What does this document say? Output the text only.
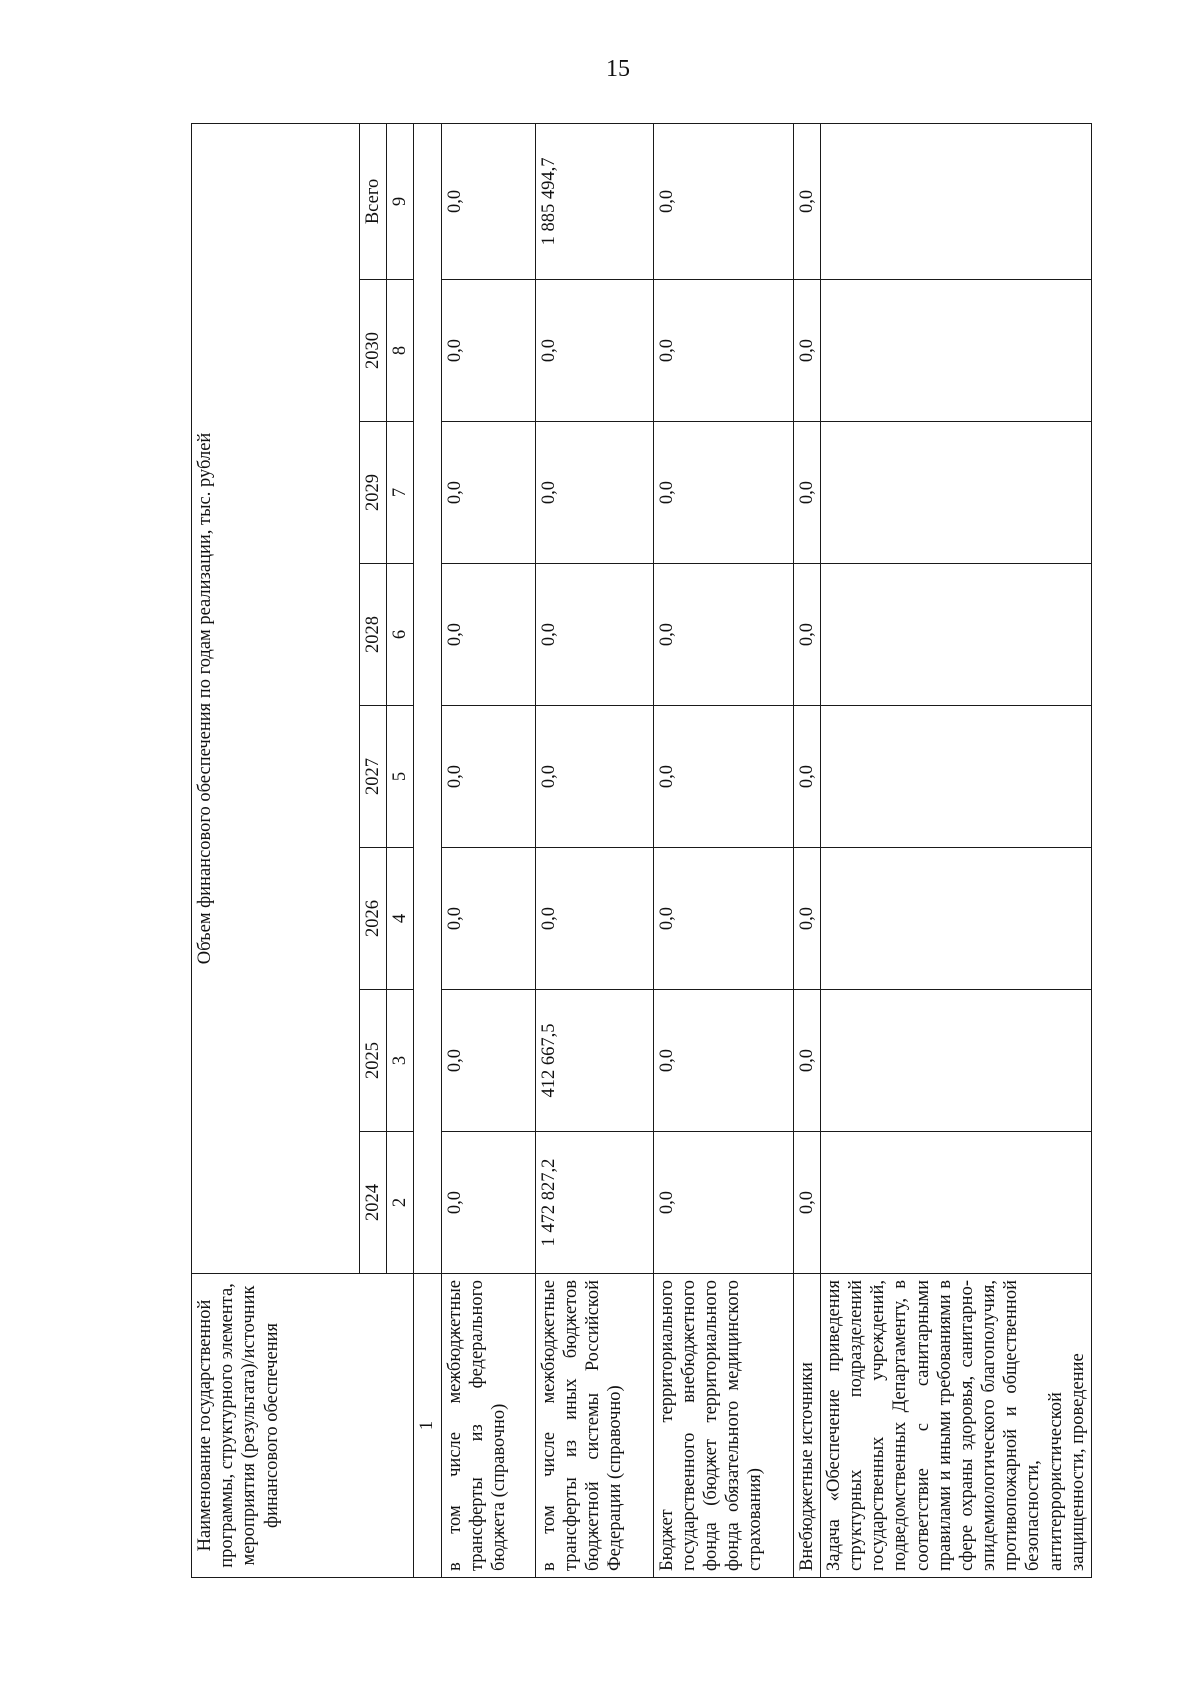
15
Наименование государственной программы, структурного элемента, мероприятия (результата)/источник финансового обеспечения	Объем финансового обеспечения по годам реализации, тыс. рублей							
	2024	2025	2026	2027	2028	2029	2030	Всего
	2	3	4	5	6	7	8	9
1								
в том числе межбюджетные трансферты из федерального бюджета (справочно)	0,0	0,0	0,0	0,0	0,0	0,0	0,0	0,0
в том числе межбюджетные трансферты из иных бюджетов бюджетной системы Российской Федерации (справочно)	1 472 827,2	412 667,5	0,0	0,0	0,0	0,0	0,0	1 885 494,7
Бюджет территориального государственного внебюджетного фонда (бюджет территориального фонда обязательного медицинского страхования)	0,0	0,0	0,0	0,0	0,0	0,0	0,0	0,0
Внебюджетные источники	0,0	0,0	0,0	0,0	0,0	0,0	0,0	0,0
Задача «Обеспечение приведения структурных подразделений государственных учреждений, подведомственных Департаменту, в соответствие с санитарными правилами и иными требованиями в сфере охраны здоровья, санитарно-эпидемиологического благополучия, противопожарной и общественной безопасности, антитеррористической защищенности, проведение								
